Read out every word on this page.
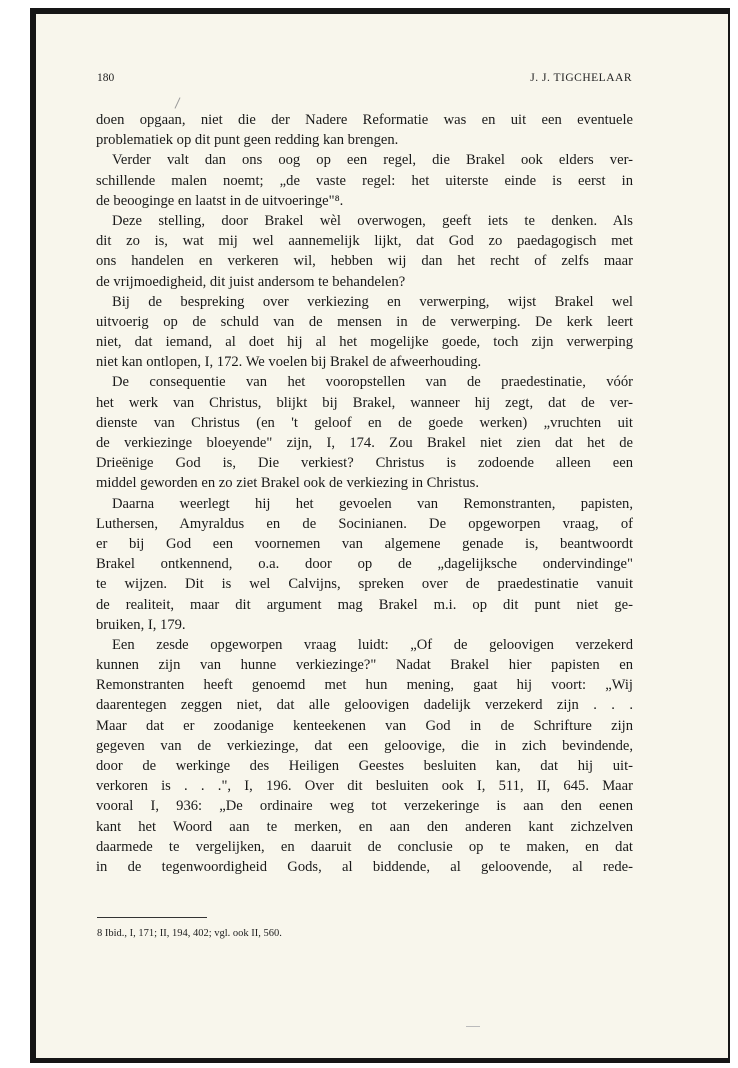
180	J. J. TIGCHELAAR
doen opgaan, niet die der Nadere Reformatie was en uit een eventuele
problematiek op dit punt geen redding kan brengen.
Verder valt dan ons oog op een regel, die Brakel ook elders ver-
schillende malen noemt; „de vaste regel: het uiterste einde is eerst in
de beooginge en laatst in de uitvoeringe"⁸.
Deze stelling, door Brakel wèl overwogen, geeft iets te denken. Als
dit zo is, wat mij wel aannemelijk lijkt, dat God zo paedagogisch met
ons handelen en verkeren wil, hebben wij dan het recht of zelfs maar
de vrijmoedigheid, dit juist andersom te behandelen?
Bij de bespreking over verkiezing en verwerping, wijst Brakel wel
uitvoerig op de schuld van de mensen in de verwerping. De kerk leert
niet, dat iemand, al doet hij al het mogelijke goede, toch zijn verwerping
niet kan ontlopen, I, 172. We voelen bij Brakel de afweerhouding.
De consequentie van het vooropstellen van de praedestinatie, vóór
het werk van Christus, blijkt bij Brakel, wanneer hij zegt, dat de ver-
dienste van Christus (en 't geloof en de goede werken) „vruchten uit
de verkiezinge bloeyende" zijn, I, 174. Zou Brakel niet zien dat het de
Drieënige God is, Die verkiest? Christus is zodoende alleen een
middel geworden en zo ziet Brakel ook de verkiezing in Christus.
Daarna weerlegt hij het gevoelen van Remonstranten, papisten,
Luthersen, Amyraldus en de Socinianen. De opgeworpen vraag, of
er bij God een voornemen van algemene genade is, beantwoordt
Brakel ontkennend, o.a. door op de „dagelijksche ondervindinge"
te wijzen. Dit is wel Calvijns, spreken over de praedestinatie vanuit
de realiteit, maar dit argument mag Brakel m.i. op dit punt niet ge-
bruiken, I, 179.
Een zesde opgeworpen vraag luidt: „Of de geloovigen verzekerd
kunnen zijn van hunne verkiezinge?" Nadat Brakel hier papisten en
Remonstranten heeft genoemd met hun mening, gaat hij voort: „Wij
daarentegen zeggen niet, dat alle geloovigen dadelijk verzekerd zijn . . .
Maar dat er zoodanige kenteekenen van God in de Schrifture zijn
gegeven van de verkiezinge, dat een geloovige, die in zich bevindende,
door de werkinge des Heiligen Geestes besluiten kan, dat hij uit-
verkoren is . . .", I, 196. Over dit besluiten ook I, 511, II, 645. Maar
vooral I, 936: „De ordinaire weg tot verzekeringe is aan den eenen
kant het Woord aan te merken, en aan den anderen kant zichzelven
daarmede te vergelijken, en daaruit de conclusie op te maken, en dat
in de tegenwoordigheid Gods, al biddende, al geloovende, al rede-
8 Ibid., I, 171; II, 194, 402; vgl. ook II, 560.
